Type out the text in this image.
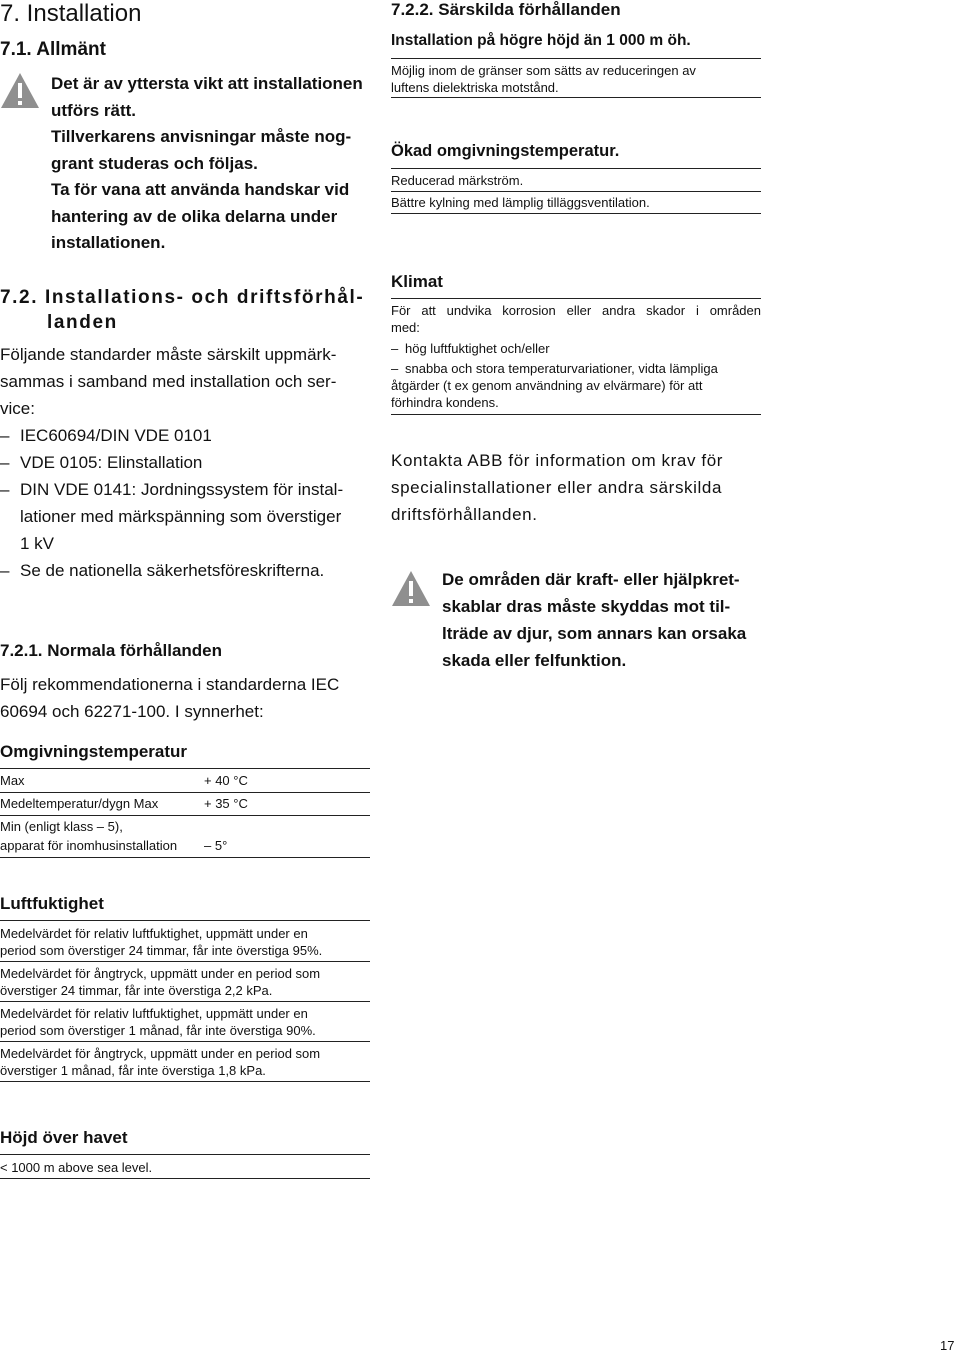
7. Installation
7.1. Allmänt
Det är av yttersta vikt att installationen
utförs rätt.
Tillverkarens anvisningar måste nog-
grant studeras och följas.
Ta för vana att använda handskar vid
hantering av de olika delarna under
installationen.
7.2. Installations- och driftsförhål-
landen
Följande standarder måste särskilt uppmärk-
sammas i samband med installation och ser-
vice:
– IEC60694/DIN VDE 0101
– VDE 0105: Elinstallation
– DIN VDE 0141: Jordningssystem för instal-
lationer med märkspänning som överstiger
1 kV
– Se de nationella säkerhetsföreskrifterna.
7.2.1. Normala förhållanden
Följ rekommendationerna i standarderna IEC
60694 och 62271-100. I synnerhet:
Omgivningstemperatur
Max	+ 40 °C
Medeltemperatur/dygn Max	+ 35 °C
Min (enligt klass – 5),
apparat för inomhusinstallation – 5°
Luftfuktighet
Medelvärdet för relativ luftfuktighet, uppmätt under en
period som överstiger 24 timmar, får inte överstiga 95%.
Medelvärdet för ångtryck, uppmätt under en period som
överstiger 24 timmar, får inte överstiga 2,2 kPa.
Medelvärdet för relativ luftfuktighet, uppmätt under en
period som överstiger 1 månad, får inte överstiga 90%.
Medelvärdet för ångtryck, uppmätt under en period som
överstiger 1 månad, får inte överstiga 1,8 kPa.
Höjd över havet
< 1000 m above sea level.
7.2.2. Särskilda förhållanden
Installation på högre höjd än 1 000 m öh.
Möjlig inom de gränser som sätts av reduceringen av
luftens dielektriska motstånd.
Ökad omgivningstemperatur.
Reducerad märkström.
Bättre kylning med lämplig tilläggsventilation.
Klimat
För att undvika korrosion eller andra skador i områden
med:
– hög luftfuktighet och/eller
– snabba och stora temperaturvariationer, vidta lämpliga
åtgärder (t ex genom användning av elvärmare) för att
förhindra kondens.
Kontakta ABB för information om krav för
specialinstallationer eller andra särskilda
driftsförhållanden.
De områden där kraft- eller hjälpkret-
skablar dras måste skyddas mot til-
lträde av djur, som annars kan orsaka
skada eller felfunktion.
17
